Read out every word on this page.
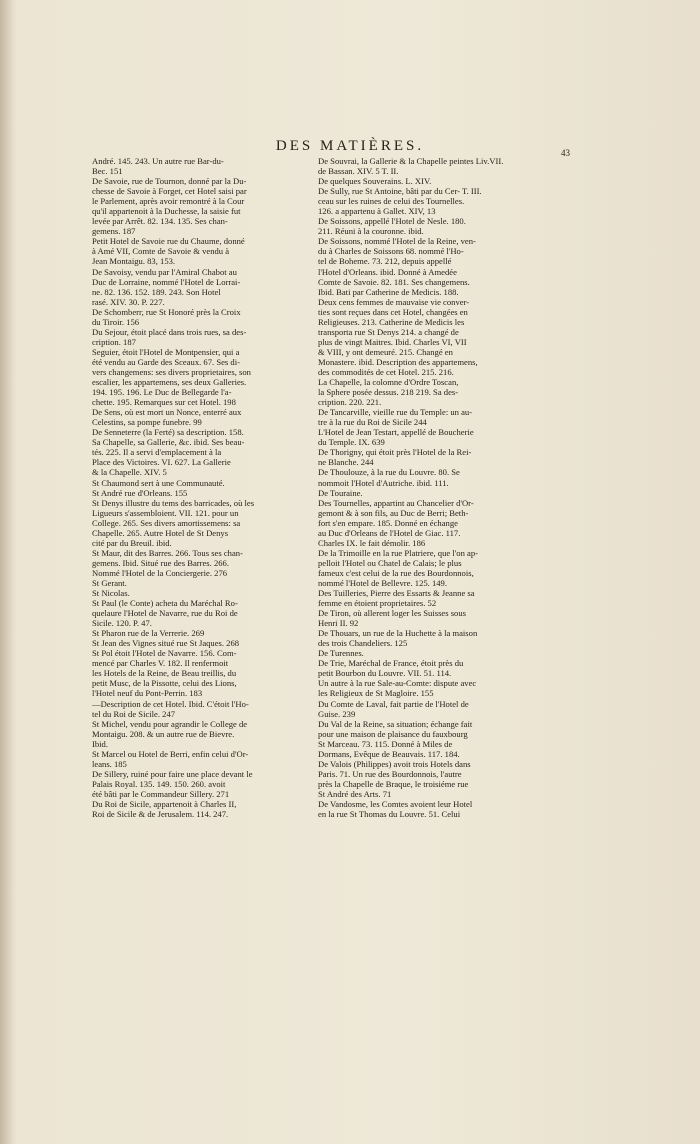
DES MATIÈRES.	43
André. 145. 243. Un autre rue Bar-du-
Bec. 151
De Savoie, rue de Tournon, donné par la Du-
chesse de Savoie à Forget, cet Hotel saisi par
le Parlement, après avoir remontré à la Cour
qu'il appartenoit à la Duchesse, la saisie fut
levée par Arrêt. 82. 134. 135. Ses chan-
gemens. 187
Petit Hotel de Savoie rue du Chaume, donné
à Amé VII, Comte de Savoie & vendu à
Jean Montaigu. 83, 153.
De Savoisy, vendu par l'Amiral Chabot au
Duc de Lorraine, nommé l'Hotel de Lorrai-
ne. 82. 136. 152. 189. 243. Son Hotel
rasé. XIV. 30. P. 227.
De Schomberг, rue St Honoré près la Croix
du Tiroir. 156
Du Sejour, étoit placé dans trois rues, sa des-
cription. 187
Seguier, étoit l'Hotel de Montpensier, qui a
été vendu au Garde des Sceaux. 67. Ses di-
vers changemens: ses divers proprietaires, son
escalier, les appartemens, ses deux Galleries.
194. 195. 196. Le Duc de Bellegarde l'a-
chette. 195. Remarques sur cet Hotel. 198
De Sens, où est mort un Nonce, enterré aux
Celestins, sa pompe funebre. 99
De Senneterre (la Ferté) sa description. 158.
Sa Chapelle, sa Gallerie, &c. ibid. Ses beau-
tés. 225. Il a servi d'emplacement à la
Place des Victoires. VI. 627. La Gallerie
& la Chapelle. XIV. 5
St Chaumond sert à une Communauté.
St André rue d'Orleans. 155
St Denys illustre du tems des barricades, où les
Ligueurs s'assembloient. VII. 121. pour un
College. 265. Ses divers amortissemens: sa
Chapelle. 265. Autre Hotel de St Denys
cité par du Breuil. ibid.
St Maur, dit des Barres. 266. Tous ses chan-
gemens. Ibid. Situé rue des Barres. 266.
Nommé l'Hotel de la Conciergerie. 276
St Gerant.
St Nicolas.
St Paul (le Conte) acheta du Maréchal Ro-
quelaure l'Hotel de Navarre, rue du Roi de
Sicile. 120. P. 47.
St Pharon rue de la Verrerie. 269
St Jean des Vignes situé rue St Jaques. 268
St Pol étoit l'Hotel de Navarre. 156. Com-
mencé par Charles V. 182. Il renfermoit
les Hotels de la Reine, de Beau treillis, du
petit Musc, de la Pissotte, celui des Lions,
l'Hotel neuf du Pont-Perrin. 183
—Description de cet Hotel. Ibid. C'étoit l'Ho-
tel du Roi de Sicile. 247
St Michel, vendu pour agrandir le College de
Montaigu. 208. & un autre rue de Bievre.
Ibid.
St Marcel ou Hotel de Berri, enfin celui d'Or-
leans. 185
De Sillery, ruiné pour faire une place devant le
Palais Royal. 135. 149. 150. 260. avoit
été bâti par le Commandeur Sillery. 271
Du Roi de Sicile, appartenoit à Charles II,
Roi de Sicile & de Jerusalem. 114. 247.
De Souvrai, la Gallerie & la Chapelle peintes Liv.VII.
de Bassan. XIV. 5 T. II.
De quelques Souverains. L. XIV.
De Sully, rue St Antoine, bâti par du Cer- T. III.
ceau sur les ruines de celui des Tournelles.
126. a appartenu à Gallet. XIV, 13
De Soissons, appellé l'Hotel de Nesle. 180.
211. Réuni à la couronne. ibid.
De Soissons, nommé l'Hotel de la Reine, ven-
du à Charles de Soissons 68. nommé l'Ho-
tel de Boheme. 73. 212, depuis appellé
l'Hotel d'Orleans. ibid. Donné à Amedée
Comte de Savoie. 82. 181. Ses changemens.
Ibid. Bati par Catherine de Medicis. 188.
Deux cens femmes de mauvaise vie conver-
ties sont reçues dans cet Hotel, changées en
Religieuses. 213. Catherine de Medicis les
transporta rue St Denys 214. a changé de
plus de vingt Maitres. Ibid. Charles VI, VII
& VIII, y ont demeuré. 215. Changé en
Monastere. ibid. Description des appartemens,
des commodités de cet Hotel. 215. 216.
La Chapelle, la colomne d'Ordre Toscan,
la Sphere posée dessus. 218 219. Sa des-
cription. 220. 221.
De Tancarville, vieille rue du Temple: un au-
tre à la rue du Roi de Sicile 244
L'Hotel de Jean Testart, appellé de Boucherie
du Temple. IX. 639
De Thorigny, qui étoit près l'Hotel de la Rei-
ne Blanche. 244
De Thoulouze, à la rue du Louvre. 80. Se
nommoit l'Hotel d'Autriche. ibid. 111.
De Touraine.
Des Tournelles, appartint au Chancelier d'Or-
gemont & à son fils, au Duc de Berri; Beth-
fort s'en empare. 185. Donné en échange
au Duc d'Orleans de l'Hotel de Giac. 117.
Charles IX. le fait démolir. 186
De la Trimoille en la rue Platriere, que l'on ap-
pelloit l'Hotel ou Chatel de Calais; le plus
fameux c'est celui de la rue des Bourdonnois,
nommé l'Hotel de Bellevre. 125. 149.
Des Tuilleries, Pierre des Essarts & Jeanne sa
femme en étoient proprietaires. 52
De Tiron, où allerent loger les Suisses sous
Henri II. 92
De Thouars, un rue de la Huchette à la maison
des trois Chandeliers. 125
De Turennes.
De Trie, Maréchal de France, étoit près du
petit Bourbon du Louvre. VII. 51. 114.
Un autre à la rue Sale-au-Comte: dispute avec
les Religieux de St Magloire. 155
Du Comte de Laval, fait partie de l'Hotel de
Guise. 239
Du Val de la Reine, sa situation; échange fait
pour une maison de plaisance du fauxbourg
St Marceau. 73. 115. Donné à Miles de
Dormans, Evêque de Beauvais. 117. 184.
De Valois (Philippes) avoit trois Hotels dans
Paris. 71. Un rue des Bourdonnois, l'autre
près la Chapelle de Braque, le troisiéme rue
St André des Arts. 71
De Vandosme, les Comtes avoient leur Hotel
en la rue St Thomas du Louvre. 51. Celui
